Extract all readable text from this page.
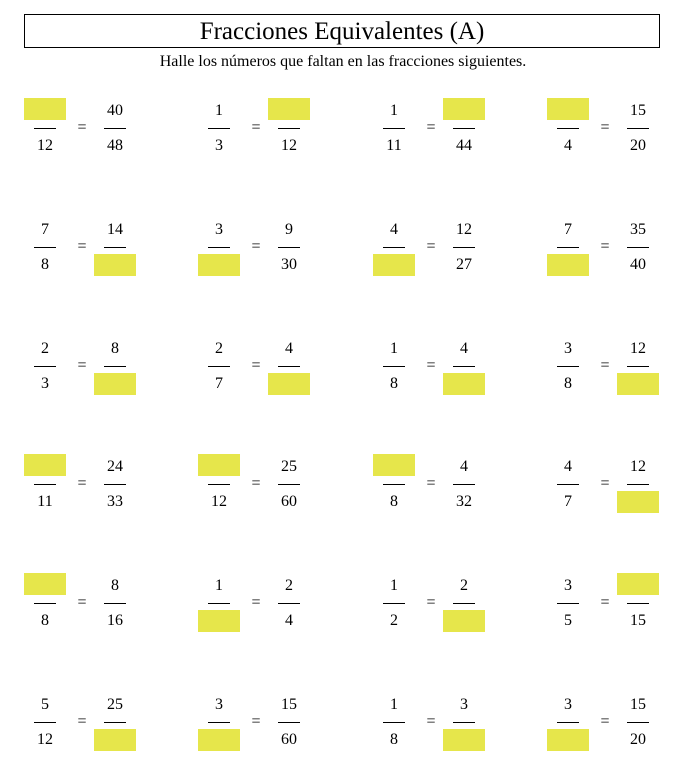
Fracciones Equivalentes (A)
Halle los números que faltan en las fracciones siguientes.
12
40
48
=
1
3	12
=
1
11	44
=
4
15
20
=
7
8
14
=
3	9
30
=
4	12
27
=
7	35
40
=
2
3
8
=
2
7
4
=
1
8
4
=
3
8
12
=
11
24
33
=
12
25
60
=
8
4
32
=
4
7
12
=
8
8
16
=
1	2
4
=
1
2
2
=
3
5	15
=
5
12
25
=
3	15
60
=
1
8
3
=
3	15
20
=
